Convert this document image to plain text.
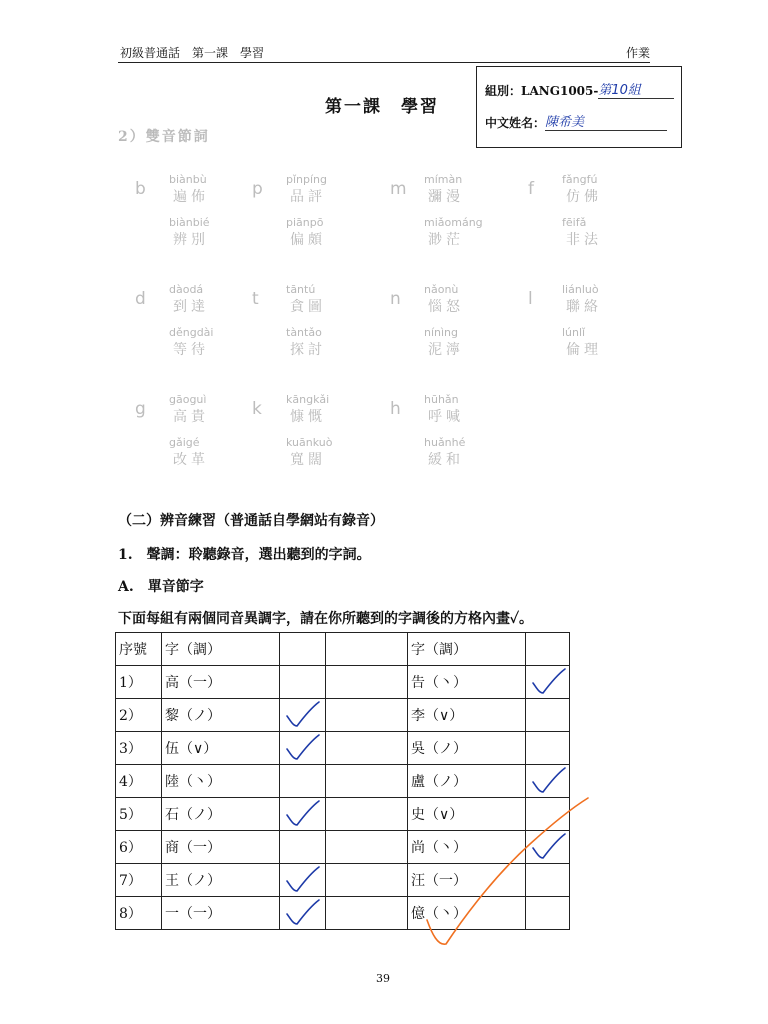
初級普通話　第一課　學習	作業
第一課　學習
組別：LANG1005-第10組
中文姓名：陳希美
2）雙音節詞
b biànbù
遍佈
biànbié
辨別
p pǐnpíng
品評
piānpō
偏頗
m mímàn
瀰漫
miǎománg
渺茫
f	fǎngfú
仿佛
fēifǎ
非法
d dàodá
到達
děngdài
等待
t tāntú
貪圖
tàntǎo
探討
n nǎonù
惱怒
nínìng
泥濘
l	liánluò
聯絡
lúnlǐ
倫理
g gāoguì
高貴
gǎigé
改革
k kāngkǎi
慷慨
kuānkuò
寬闊
h hūhǎn
呼喊
huǎnhé
緩和
（二）辨音練習（普通話自學網站有錄音）
1.　聲調：聆聽錄音，選出聽到的字詞。
A.　單音節字
下面每組有兩個同音異調字，請在你所聽到的字調後的方格內畫✓。
序號	字（調）			字（調）	
1）	高（一）			告（丶）	

2）	黎（ノ）			李（∨）	
3）	伍（∨）			吳（ノ）	
4）	陸（丶）			盧（ノ）	

5）	石（ノ）			史（∨）	
6）	商（一）			尚（丶）	

7）	王（ノ）			汪（一）	
8）	一（一）			億（丶）	
39
